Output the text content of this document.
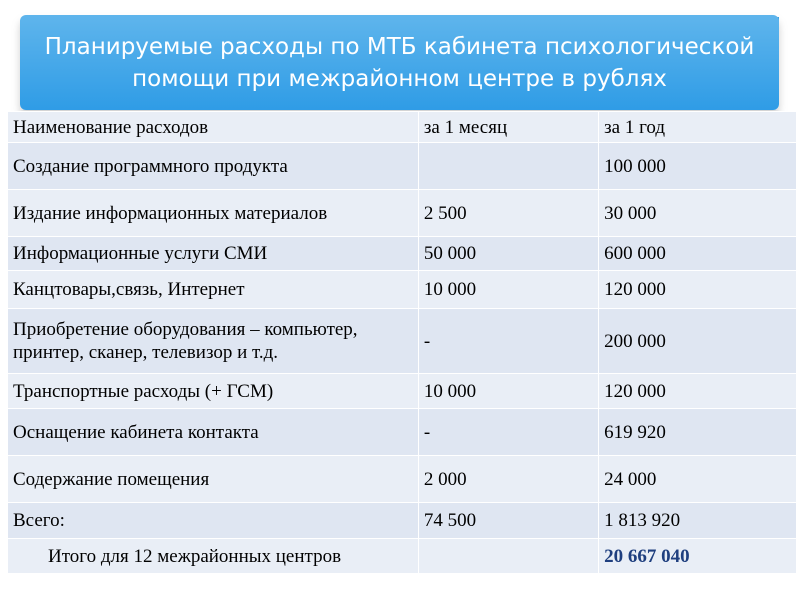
Планируемые расходы по МТБ кабинета психологической помощи при межрайонном центре в рублях
Наименование расходов	за 1 месяц	за 1 год
Создание программного продукта		100 000
Издание информационных материалов	2 500	30 000
Информационные услуги СМИ	50 000	600 000
Канцтовары,связь, Интернет	10 000	120 000
Приобретение оборудования – компьютер, принтер, сканер, телевизор и т.д.	-	200 000
Транспортные расходы (+ ГСМ)	10 000	120 000
Оснащение кабинета контакта	-	619 920
Содержание помещения	2 000	24 000
Всего:	74 500	1 813 920
Итого для 12 межрайонных центров		20 667 040
